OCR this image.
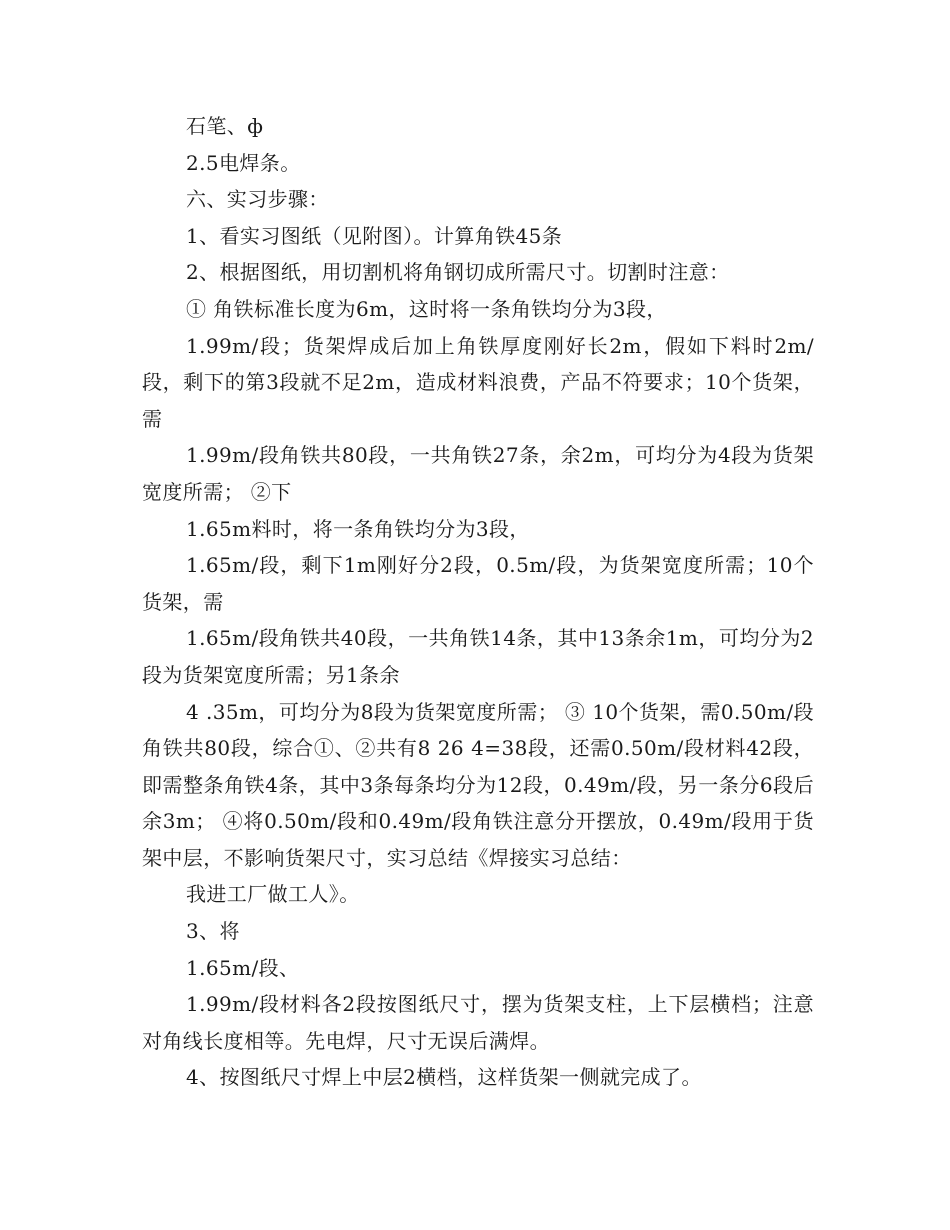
石笔、ф

2.5电焊条。

六、实习步骤：

1、看实习图纸（见附图）。计算角铁45条

2、根据图纸，用切割机将角钢切成所需尺寸。切割时注意：

① 角铁标准长度为6m，这时将一条角铁均分为3段，

1.99m/段；货架焊成后加上角铁厚度刚好长2m，假如下料时2m/段，剩下的第3段就不足2m，造成材料浪费，产品不符要求；10个货架，需

1.99m/段角铁共80段，一共角铁27条，余2m，可均分为4段为货架宽度所需； ②下

1.65m料时，将一条角铁均分为3段，

1.65m/段，剩下1m刚好分2段，0.5m/段，为货架宽度所需；10个货架，需

1.65m/段角铁共40段，一共角铁14条，其中13条余1m，可均分为2段为货架宽度所需；另1条余

4 .35m，可均分为8段为货架宽度所需； ③ 10个货架，需0.50m/段角铁共80段，综合①、②共有8 26 4=38段，还需0.50m/段材料42段，即需整条角铁4条，其中3条每条均分为12段，0.49m/段，另一条分6段后余3m； ④将0.50m/段和0.49m/段角铁注意分开摆放，0.49m/段用于货架中层，不影响货架尺寸，实习总结《焊接实习总结：

我进工厂做工人》。

3、将

1.65m/段、

1.99m/段材料各2段按图纸尺寸，摆为货架支柱，上下层横档；注意对角线长度相等。先电焊，尺寸无误后满焊。

4、按图纸尺寸焊上中层2横档，这样货架一侧就完成了。
